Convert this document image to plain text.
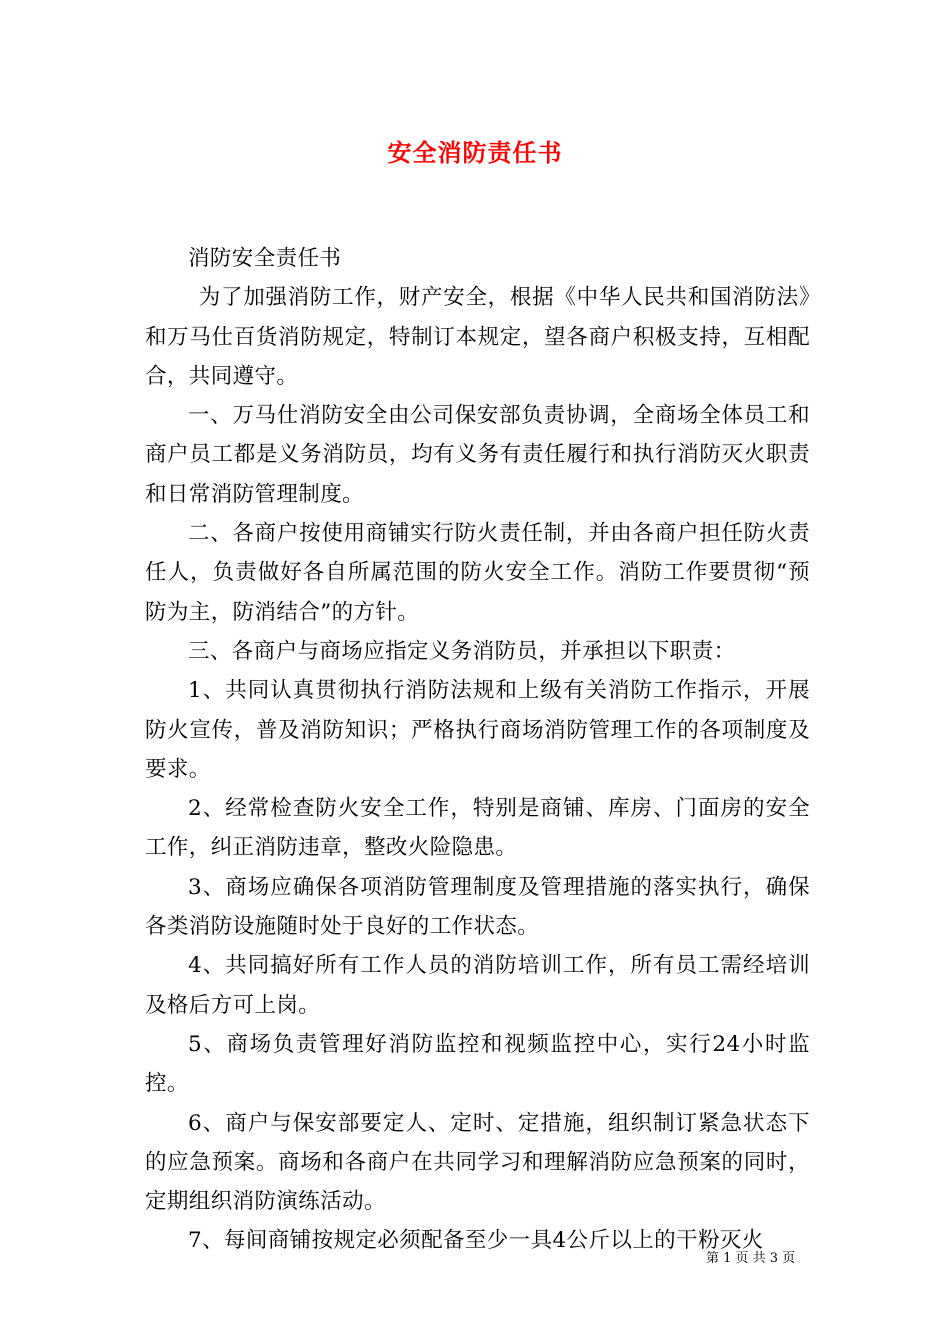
安全消防责任书

消防安全责任书

为了加强消防工作，财产安全，根据《中华人民共和国消防法》和万马仕百货消防规定，特制订本规定，望各商户积极支持，互相配合，共同遵守。

一、万马仕消防安全由公司保安部负责协调，全商场全体员工和商户员工都是义务消防员，均有义务有责任履行和执行消防灭火职责和日常消防管理制度。

二、各商户按使用商铺实行防火责任制，并由各商户担任防火责任人，负责做好各自所属范围的防火安全工作。消防工作要贯彻“预防为主，防消结合”的方针。

三、各商户与商场应指定义务消防员，并承担以下职责：

1、共同认真贯彻执行消防法规和上级有关消防工作指示，开展防火宣传，普及消防知识；严格执行商场消防管理工作的各项制度及要求。

2、经常检查防火安全工作，特别是商铺、库房、门面房的安全工作，纠正消防违章，整改火险隐患。

3、商场应确保各项消防管理制度及管理措施的落实执行，确保各类消防设施随时处于良好的工作状态。

4、共同搞好所有工作人员的消防培训工作，所有员工需经培训及格后方可上岗。

5、商场负责管理好消防监控和视频监控中心，实行24小时监控。

6、商户与保安部要定人、定时、定措施，组织制订紧急状态下的应急预案。商场和各商户在共同学习和理解消防应急预案的同时，定期组织消防演练活动。

7、每间商铺按规定必须配备至少一具4公斤以上的干粉灭火

第 1 页 共 3 页
